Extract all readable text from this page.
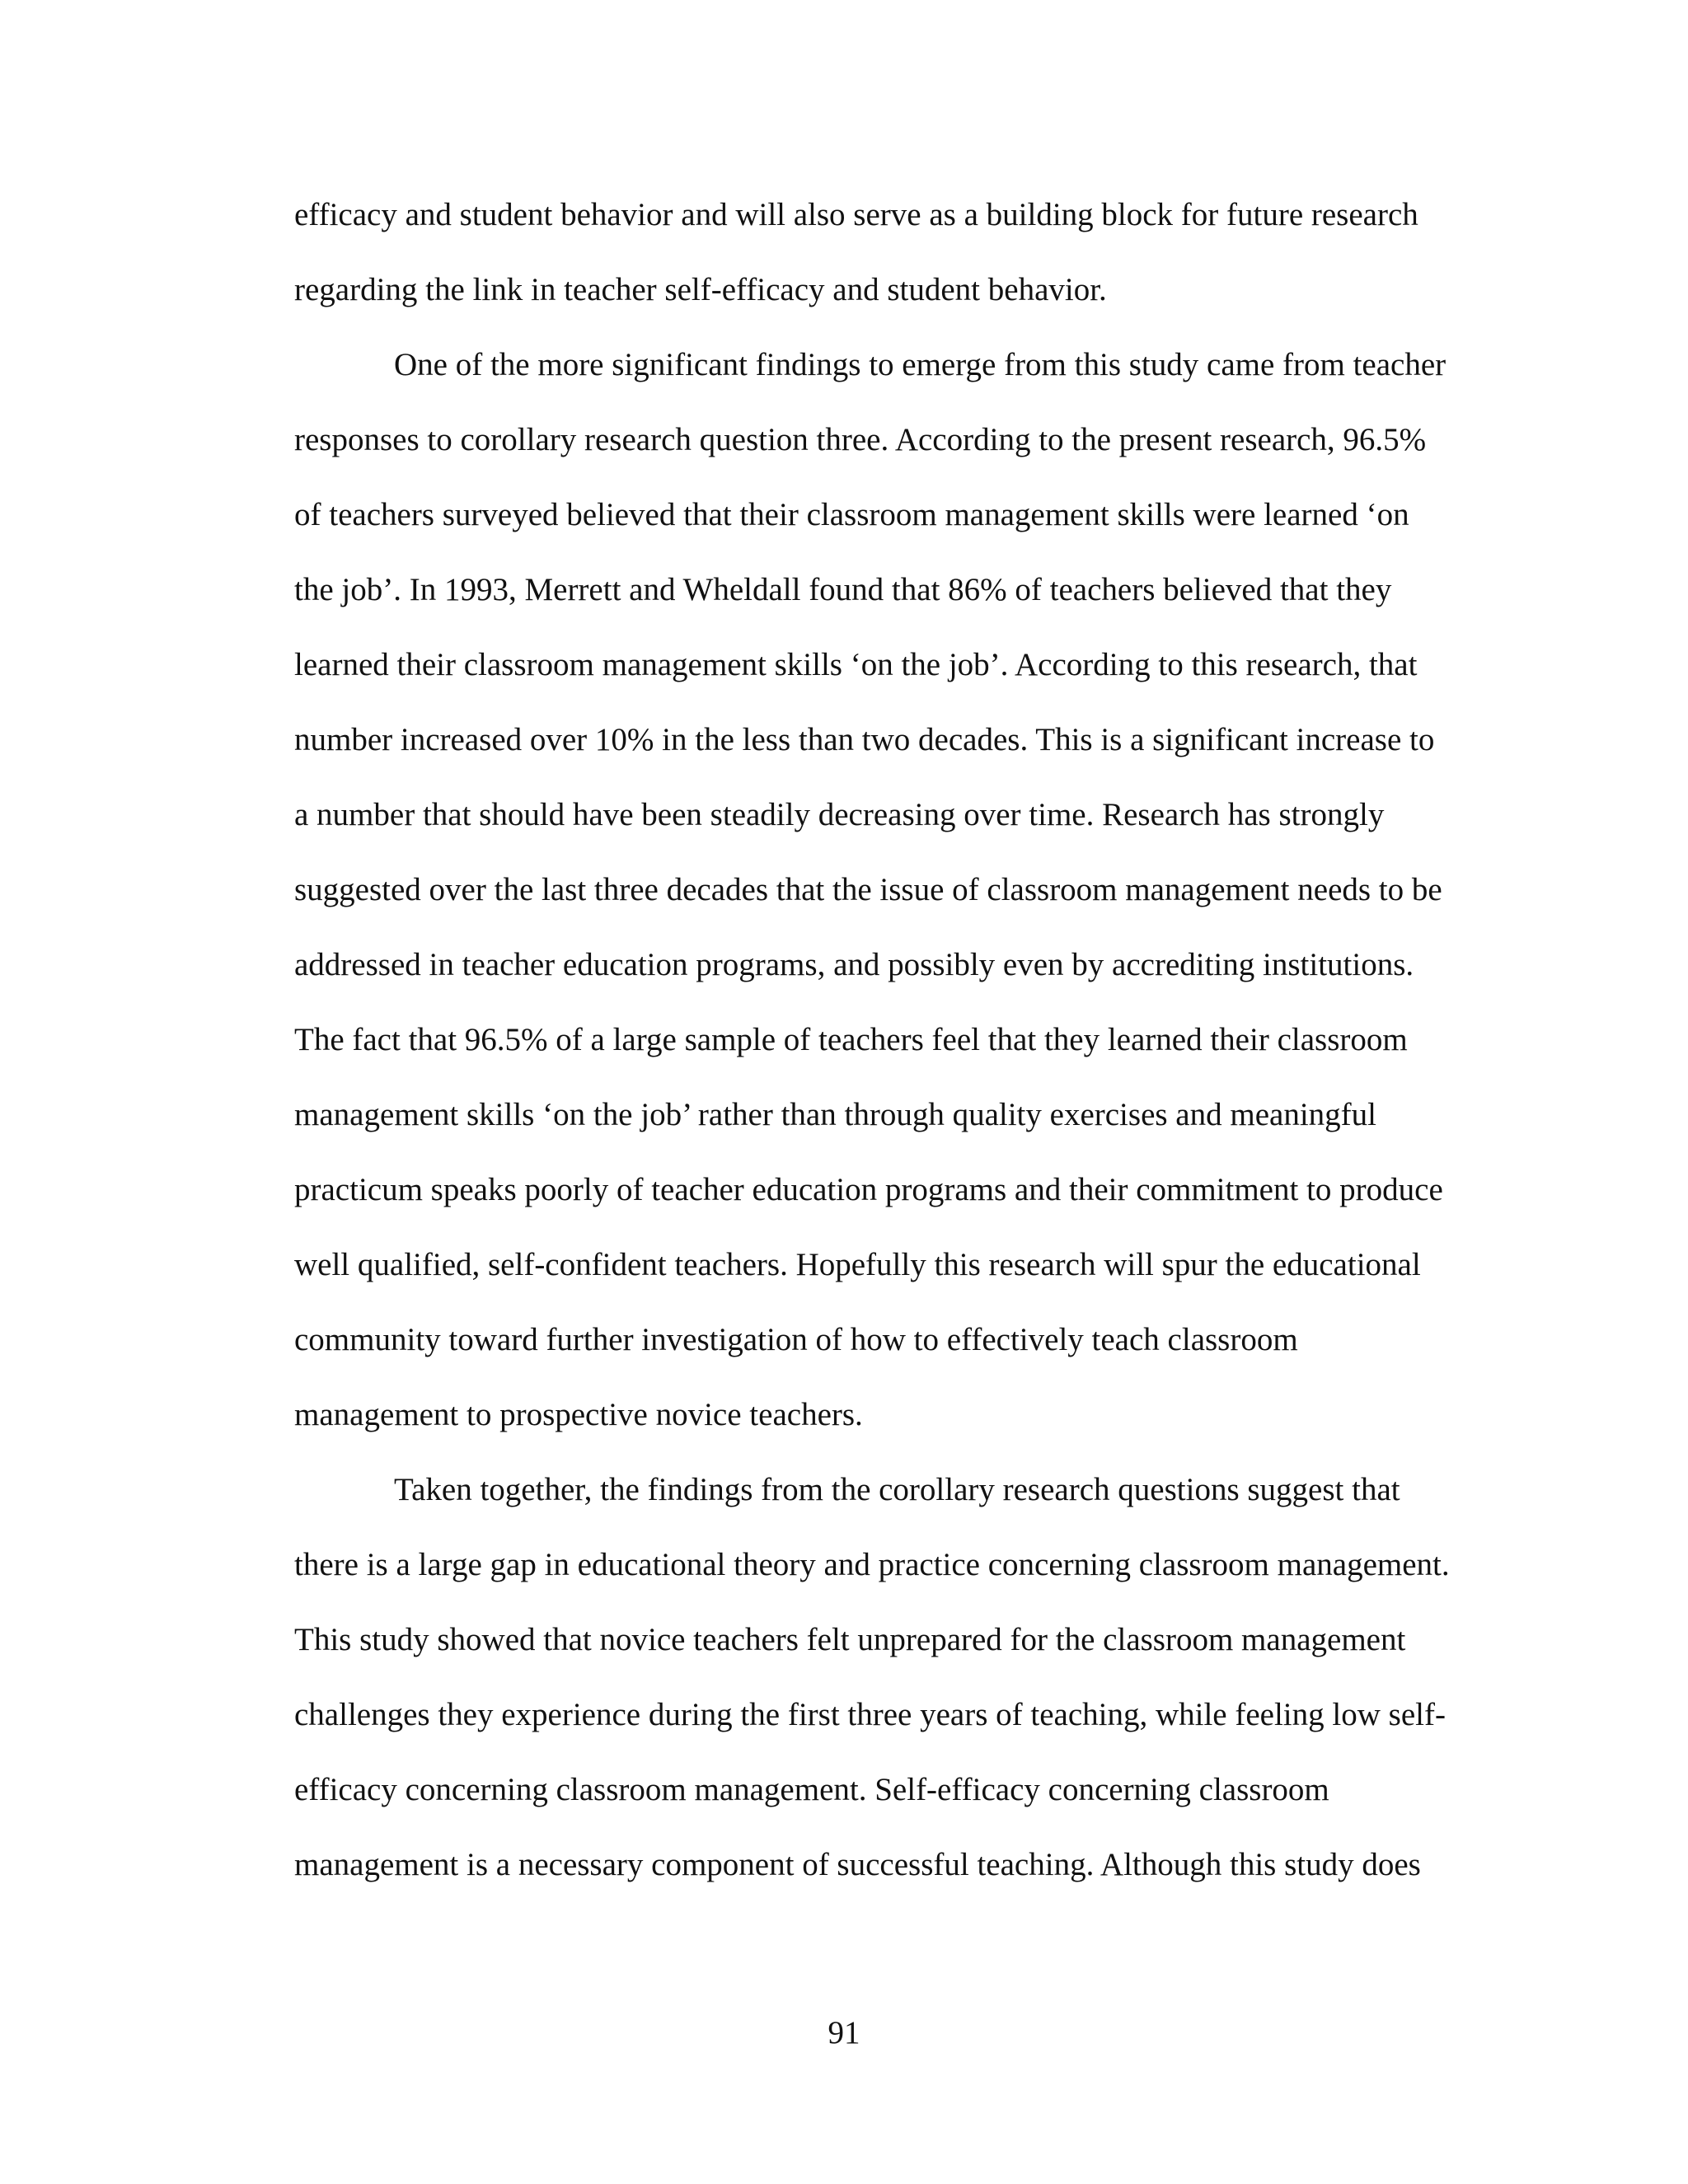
efficacy and student behavior and will also serve as a building block for future research
regarding the link in teacher self-efficacy and student behavior.
One of the more significant findings to emerge from this study came from teacher
responses to corollary research question three. According to the present research, 96.5%
of teachers surveyed believed that their classroom management skills were learned ‘on
the job’. In 1993, Merrett and Wheldall found that 86% of teachers believed that they
learned their classroom management skills ‘on the job’. According to this research, that
number increased over 10% in the less than two decades. This is a significant increase to
a number that should have been steadily decreasing over time. Research has strongly
suggested over the last three decades that the issue of classroom management needs to be
addressed in teacher education programs, and possibly even by accrediting institutions.
The fact that 96.5% of a large sample of teachers feel that they learned their classroom
management skills ‘on the job’ rather than through quality exercises and meaningful
practicum speaks poorly of teacher education programs and their commitment to produce
well qualified, self-confident teachers. Hopefully this research will spur the educational
community toward further investigation of how to effectively teach classroom
management to prospective novice teachers.
Taken together, the findings from the corollary research questions suggest that
there is a large gap in educational theory and practice concerning classroom management.
This study showed that novice teachers felt unprepared for the classroom management
challenges they experience during the first three years of teaching, while feeling low self-
efficacy concerning classroom management. Self-efficacy concerning classroom
management is a necessary component of successful teaching. Although this study does
91
